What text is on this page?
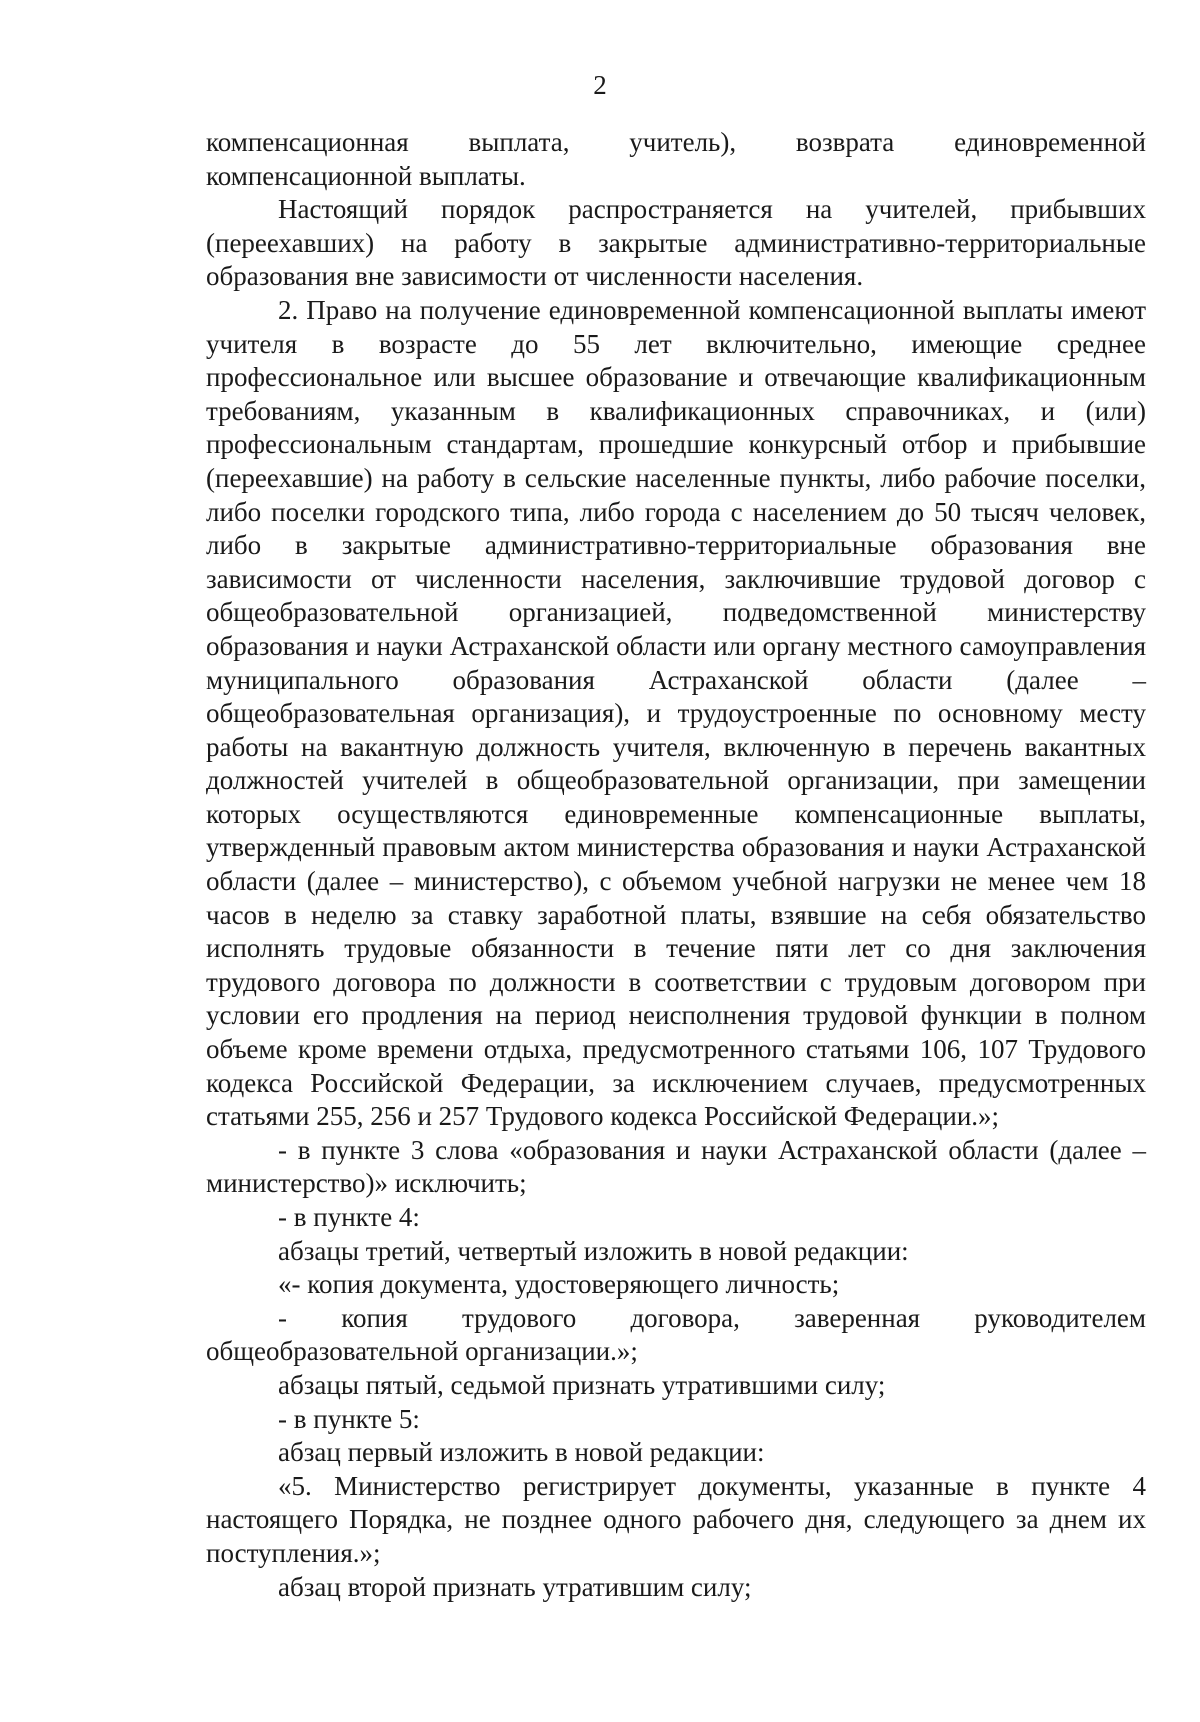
2

компенсационная выплата, учитель), возврата единовременной компенсационной выплаты.

Настоящий порядок распространяется на учителей, прибывших (переехавших) на работу в закрытые административно-территориальные образования вне зависимости от численности населения.

2. Право на получение единовременной компенсационной выплаты имеют учителя в возрасте до 55 лет включительно, имеющие среднее профессиональное или высшее образование и отвечающие квалификационным требованиям, указанным в квалификационных справочниках, и (или) профессиональным стандартам, прошедшие конкурсный отбор и прибывшие (переехавшие) на работу в сельские населенные пункты, либо рабочие поселки, либо поселки городского типа, либо города с населением до 50 тысяч человек, либо в закрытые административно-территориальные образования вне зависимости от численности населения, заключившие трудовой договор с общеобразовательной организацией, подведомственной министерству образования и науки Астраханской области или органу местного самоуправления муниципального образования Астраханской области (далее – общеобразовательная организация), и трудоустроенные по основному месту работы на вакантную должность учителя, включенную в перечень вакантных должностей учителей в общеобразовательной организации, при замещении которых осуществляются единовременные компенсационные выплаты, утвержденный правовым актом министерства образования и науки Астраханской области (далее – министерство), с объемом учебной нагрузки не менее чем 18 часов в неделю за ставку заработной платы, взявшие на себя обязательство исполнять трудовые обязанности в течение пяти лет со дня заключения трудового договора по должности в соответствии с трудовым договором при условии его продления на период неисполнения трудовой функции в полном объеме кроме времени отдыха, предусмотренного статьями 106, 107 Трудового кодекса Российской Федерации, за исключением случаев, предусмотренных статьями 255, 256 и 257 Трудового кодекса Российской Федерации.»;

- в пункте 3 слова «образования и науки Астраханской области (далее – министерство)» исключить;

- в пункте 4:

абзацы третий, четвертый изложить в новой редакции:

«- копия документа, удостоверяющего личность;

- копия трудового договора, заверенная руководителем общеобразовательной организации.»;

абзацы пятый, седьмой признать утратившими силу;

- в пункте 5:

абзац первый изложить в новой редакции:

«5. Министерство регистрирует документы, указанные в пункте 4 настоящего Порядка, не позднее одного рабочего дня, следующего за днем их поступления.»;

абзац второй признать утратившим силу;
